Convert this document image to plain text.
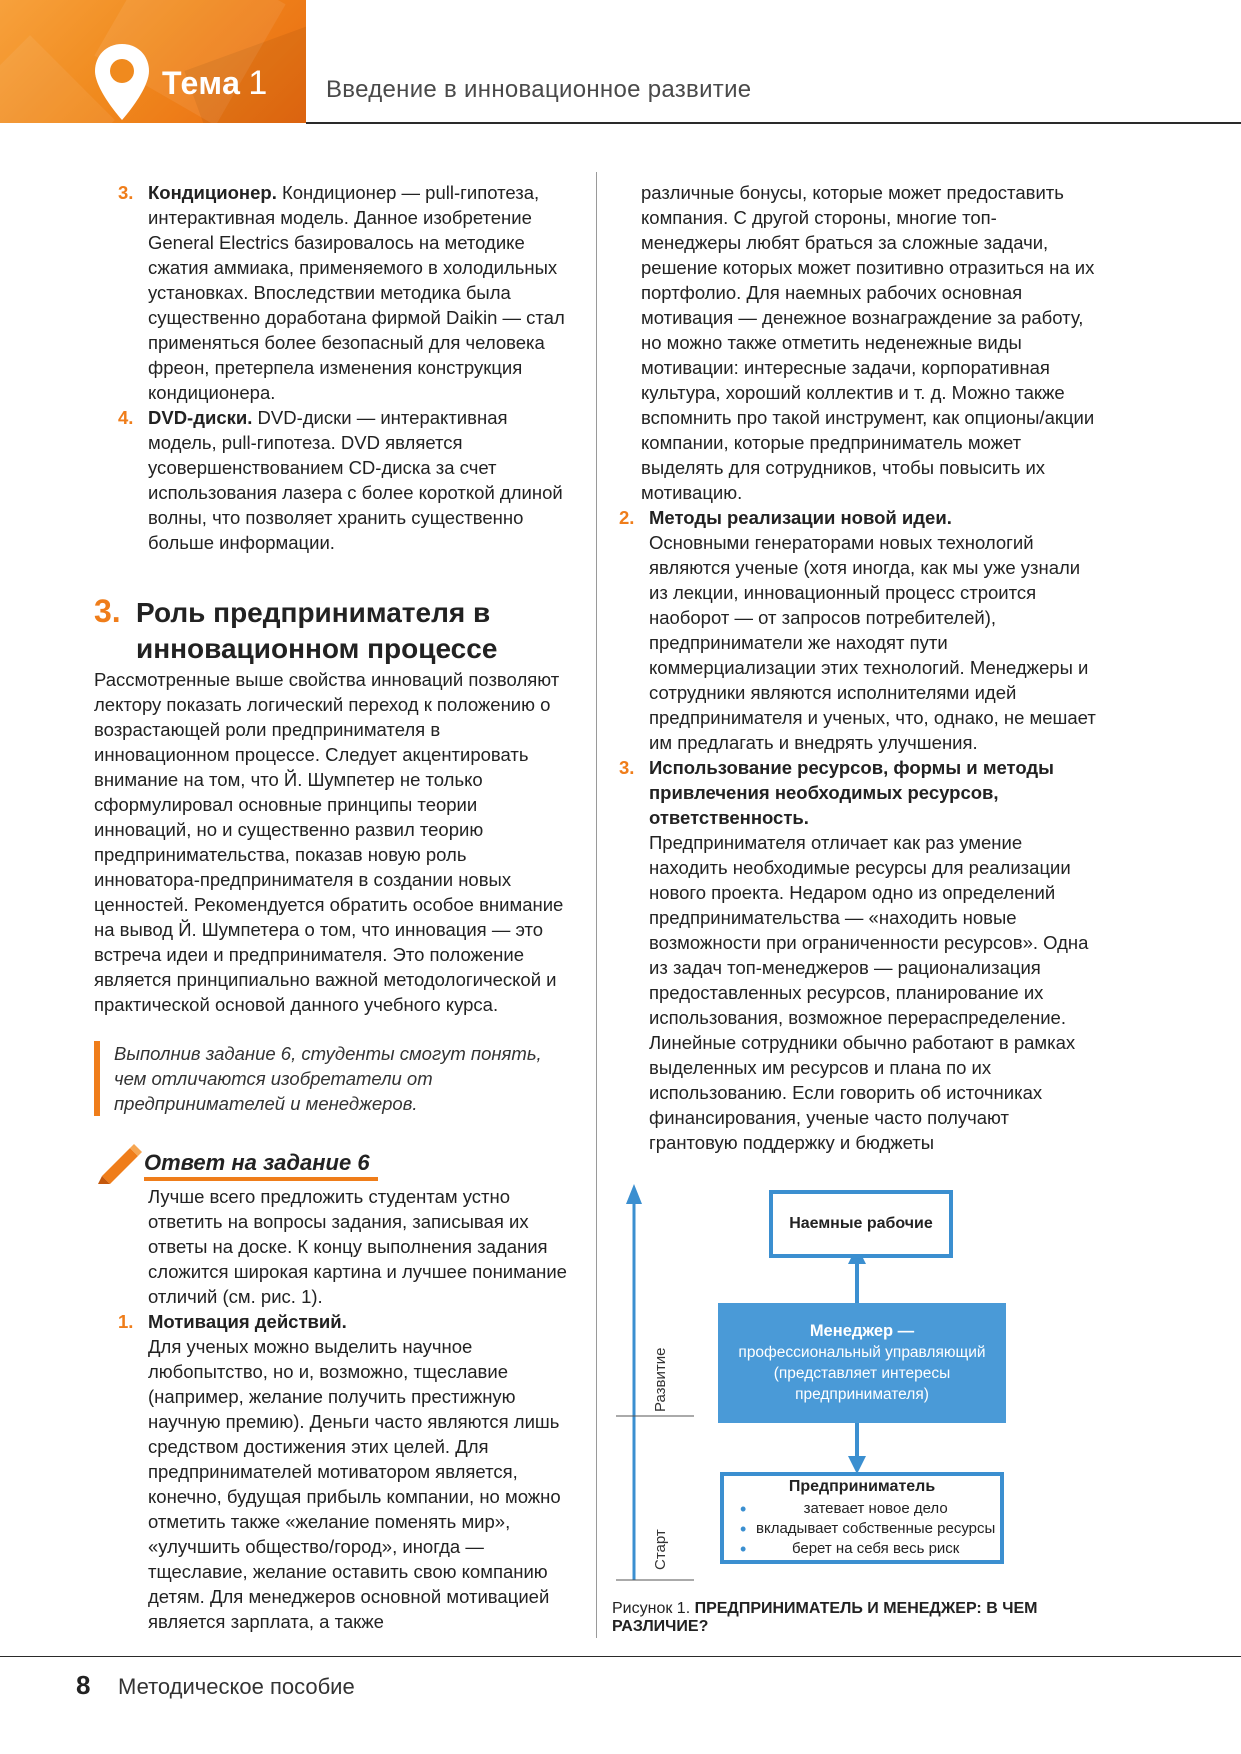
Тема 1 Введение в инновационное развитие

3. Кондиционер. Кондиционер — pull-гипотеза, интерактивная модель. Данное изобретение General Electrics базировалось на методике сжатия аммиака, применяемого в холодильных установках. Впоследствии методика была существенно доработана фирмой Daikin — стал применяться более безопасный для человека фреон, претерпела изменения конструкция кондиционера.

4. DVD-диски. DVD-диски — интерактивная модель, pull-гипотеза. DVD является усовершенствованием CD-диска за счет использования лазера с более короткой длиной волны, что позволяет хранить существенно больше информации.

3. Роль предпринимателя в инновационном процессе

Рассмотренные выше свойства инноваций позволяют лектору показать логический переход к положению о возрастающей роли предпринимателя в инновационном процессе. Следует акцентировать внимание на том, что Й. Шумпетер не только сформулировал основные принципы теории инноваций, но и существенно развил теорию предпринимательства, показав новую роль инноватора-предпринимателя в создании новых ценностей. Рекомендуется обратить особое внимание на вывод Й. Шумпетера о том, что инновация — это встреча идеи и предпринимателя. Это положение является принципиально важной методологической и практической основой данного учебного курса.

Выполнив задание 6, студенты смогут понять, чем отличаются изобретатели от предпринимателей и менеджеров.
Ответ на задание 6

Лучше всего предложить студентам устно ответить на вопросы задания, записывая их ответы на доске. К концу выполнения задания сложится широкая картина и лучшее понимание отличий (см. рис. 1).

1. Мотивация действий.
Для ученых можно выделить научное любопытство, но и, возможно, тщеславие (например, желание получить престижную научную премию). Деньги часто являются лишь средством достижения этих целей. Для предпринимателей мотиватором является, конечно, будущая прибыль компании, но можно отметить также «желание поменять мир», «улучшить общество/город», иногда — тщеславие, желание оставить свою компанию детям. Для менеджеров основной мотивацией является зарплата, а также

различные бонусы, которые может предоставить компания. С другой стороны, многие топ-менеджеры любят браться за сложные задачи, решение которых может позитивно отразиться на их портфолио. Для наемных рабочих основная мотивация — денежное вознаграждение за работу, но можно также отметить неденежные виды мотивации: интересные задачи, корпоративная культура, хороший коллектив и т. д. Можно также вспомнить про такой инструмент, как опционы/акции компании, которые предприниматель может выделять для сотрудников, чтобы повысить их мотивацию.

2. Методы реализации новой идеи.
Основными генераторами новых технологий являются ученые (хотя иногда, как мы уже узнали из лекции, инновационный процесс строится наоборот — от запросов потребителей), предприниматели же находят пути коммерциализации этих технологий. Менеджеры и сотрудники являются исполнителями идей предпринимателя и ученых, что, однако, не мешает им предлагать и внедрять улучшения.
3. Использование ресурсов, формы и методы привлечения необходимых ресурсов, ответственность.
Предпринимателя отличает как раз умение находить необходимые ресурсы для реализации нового проекта. Недаром одно из определений предпринимательства — «находить новые возможности при ограниченности ресурсов». Одна из задач топ-менеджеров — рационализация предоставленных ресурсов, планирование их использования, возможное перераспределение. Линейные сотрудники обычно работают в рамках выделенных им ресурсов и плана по их использованию. Если говорить об источниках финансирования, ученые часто получают грантовую поддержку и бюджеты
Развитие
Старт
Наемные рабочие
Менеджер —
профессиональный управляющий (представляет интересы предпринимателя)
Предприниматель
• затевает новое дело
• вкладывает собственные ресурсы
• берет на себя весь риск
Рисунок 1. ПРЕДПРИНИМАТЕЛЬ И МЕНЕДЖЕР: В ЧЕМ РАЗЛИЧИЕ?
8 Методическое пособие
